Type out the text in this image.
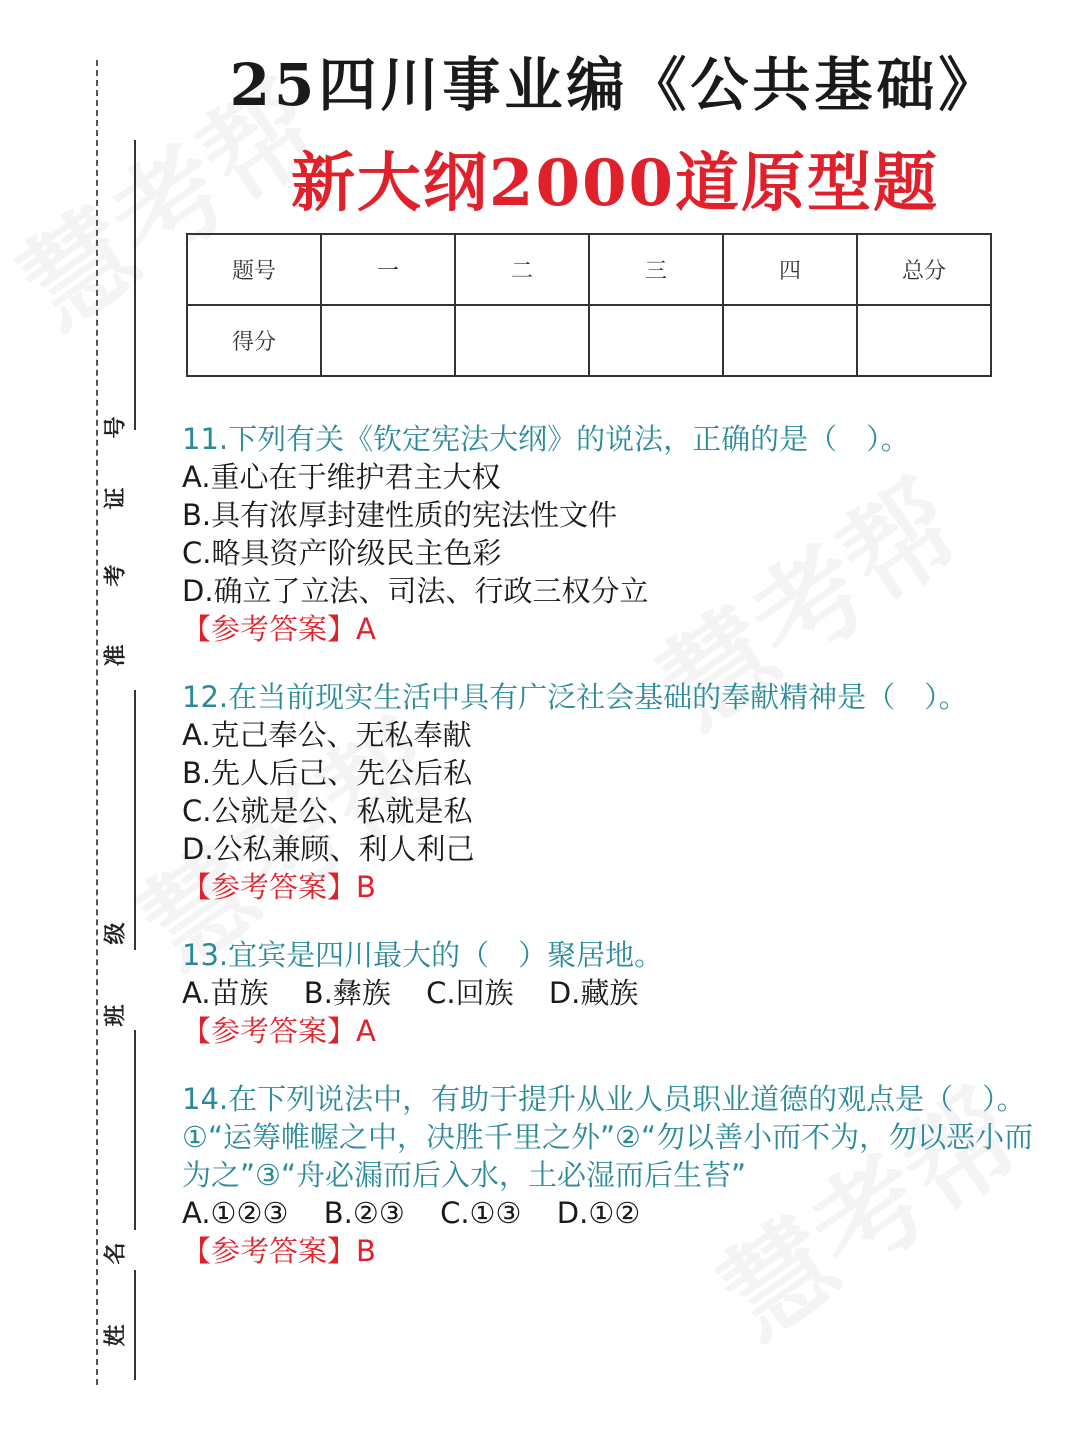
号
证
考
准
级
班
名
姓
25四川事业编《公共基础》
新大纲2000道原型题
题号	一	二	三	四	总分
得分					
11.下列有关《钦定宪法大纲》的说法，正确的是（　）。
A.重心在于维护君主大权
B.具有浓厚封建性质的宪法性文件
C.略具资产阶级民主色彩
D.确立了立法、司法、行政三权分立
【参考答案】A
12.在当前现实生活中具有广泛社会基础的奉献精神是（　）。
A.克己奉公、无私奉献
B.先人后己、先公后私
C.公就是公、私就是私
D.公私兼顾、利人利己
【参考答案】B
13.宜宾是四川最大的（　）聚居地。
A.苗族 B.彝族 C.回族 D.藏族
【参考答案】A
14.在下列说法中，有助于提升从业人员职业道德的观点是（　）。①“运筹帷幄之中，决胜千里之外”②“勿以善小而不为，勿以恶小而为之”③“舟必漏而后入水，土必湿而后生苔”
A.①②③ B.②③ C.①③ D.①②
【参考答案】B
